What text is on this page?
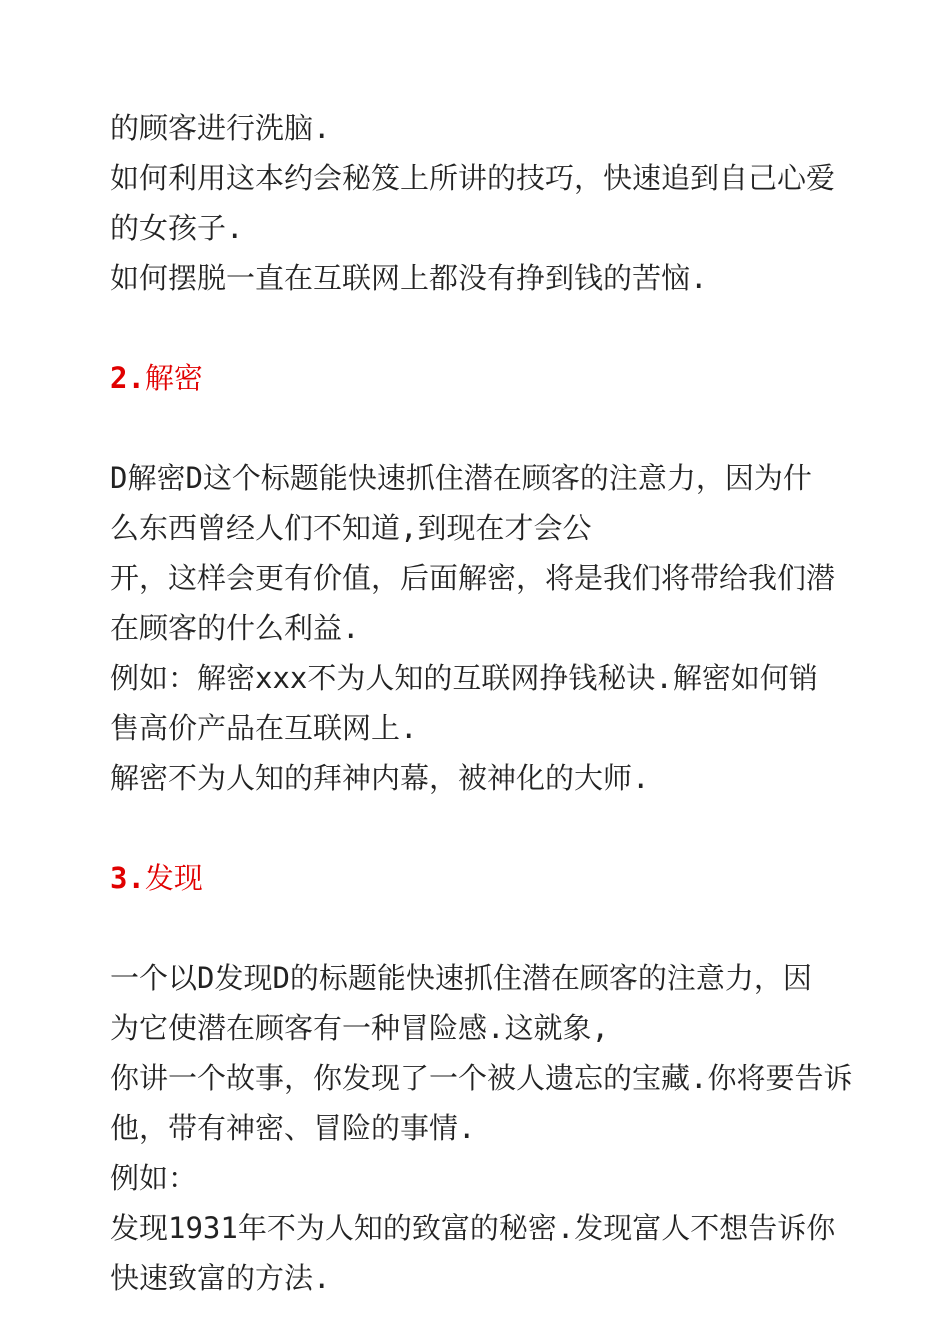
的顾客进行洗脑.
如何利用这本约会秘笈上所讲的技巧，快速追到自己心爱
的女孩子.
如何摆脱一直在互联网上都没有挣到钱的苦恼.
2.解密
D解密D这个标题能快速抓住潜在顾客的注意力，因为什
么东西曾经人们不知道,到现在才会公
开，这样会更有价值，后面解密，将是我们将带给我们潜
在顾客的什么利益.
例如：解密xxx不为人知的互联网挣钱秘诀.解密如何销
售高价产品在互联网上.
解密不为人知的拜神内幕，被神化的大师.
3.发现
一个以D发现D的标题能快速抓住潜在顾客的注意力，因
为它使潜在顾客有一种冒险感.这就象,
你讲一个故事，你发现了一个被人遗忘的宝藏.你将要告诉
他，带有神密、冒险的事情.
例如：
发现1931年不为人知的致富的秘密.发现富人不想告诉你
快速致富的方法.
